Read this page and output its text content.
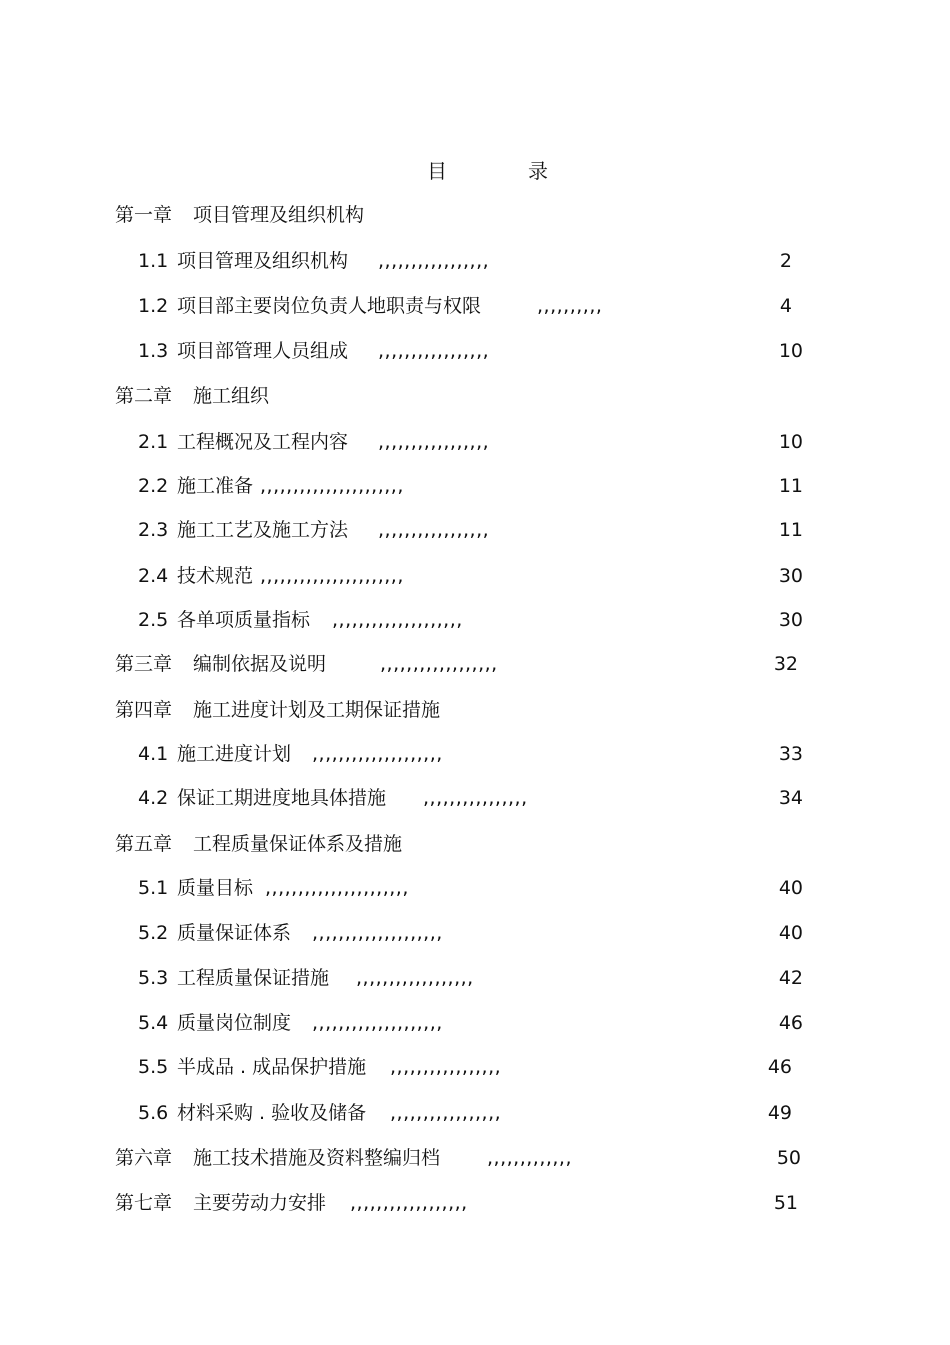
目	录
第一章 项目管理及组织机构
1.1 项目管理及组织机构 ,,,,,,,,,,,,,,,,,	2
1.2 项目部主要岗位负责人地职责与权限	,,,,,,,,,,	4
1.3 项目部管理人员组成 ,,,,,,,,,,,,,,,,,	10
第二章 施工组织
2.1 工程概况及工程内容 ,,,,,,,,,,,,,,,,,	10
2.2 施工准备 ,,,,,,,,,,,,,,,,,,,,,,	11
2.3 施工工艺及施工方法 ,,,,,,,,,,,,,,,,,	11
2.4 技术规范 ,,,,,,,,,,,,,,,,,,,,,,	30
2.5 各单项质量指标 ,,,,,,,,,,,,,,,,,,,,	30
第三章 编制依据及说明	,,,,,,,,,,,,,,,,,,	32
第四章 施工进度计划及工期保证措施
4.1 施工进度计划 ,,,,,,,,,,,,,,,,,,,,	33
4.2 保证工期进度地具体措施 ,,,,,,,,,,,,,,,,	34
第五章 工程质量保证体系及措施
5.1 质量目标 ,,,,,,,,,,,,,,,,,,,,,,	40
5.2 质量保证体系 ,,,,,,,,,,,,,,,,,,,,	40
5.3 工程质量保证措施 ,,,,,,,,,,,,,,,,,,	42
5.4 质量岗位制度 ,,,,,,,,,,,,,,,,,,,,	46
5.5 半成品 . 成品保护措施 ,,,,,,,,,,,,,,,,,	46
5.6 材料采购 . 验收及储备 ,,,,,,,,,,,,,,,,,	49
第六章 施工技术措施及资料整编归档 ,,,,,,,,,,,,,	50
第七章 主要劳动力安排 ,,,,,,,,,,,,,,,,,,	51
